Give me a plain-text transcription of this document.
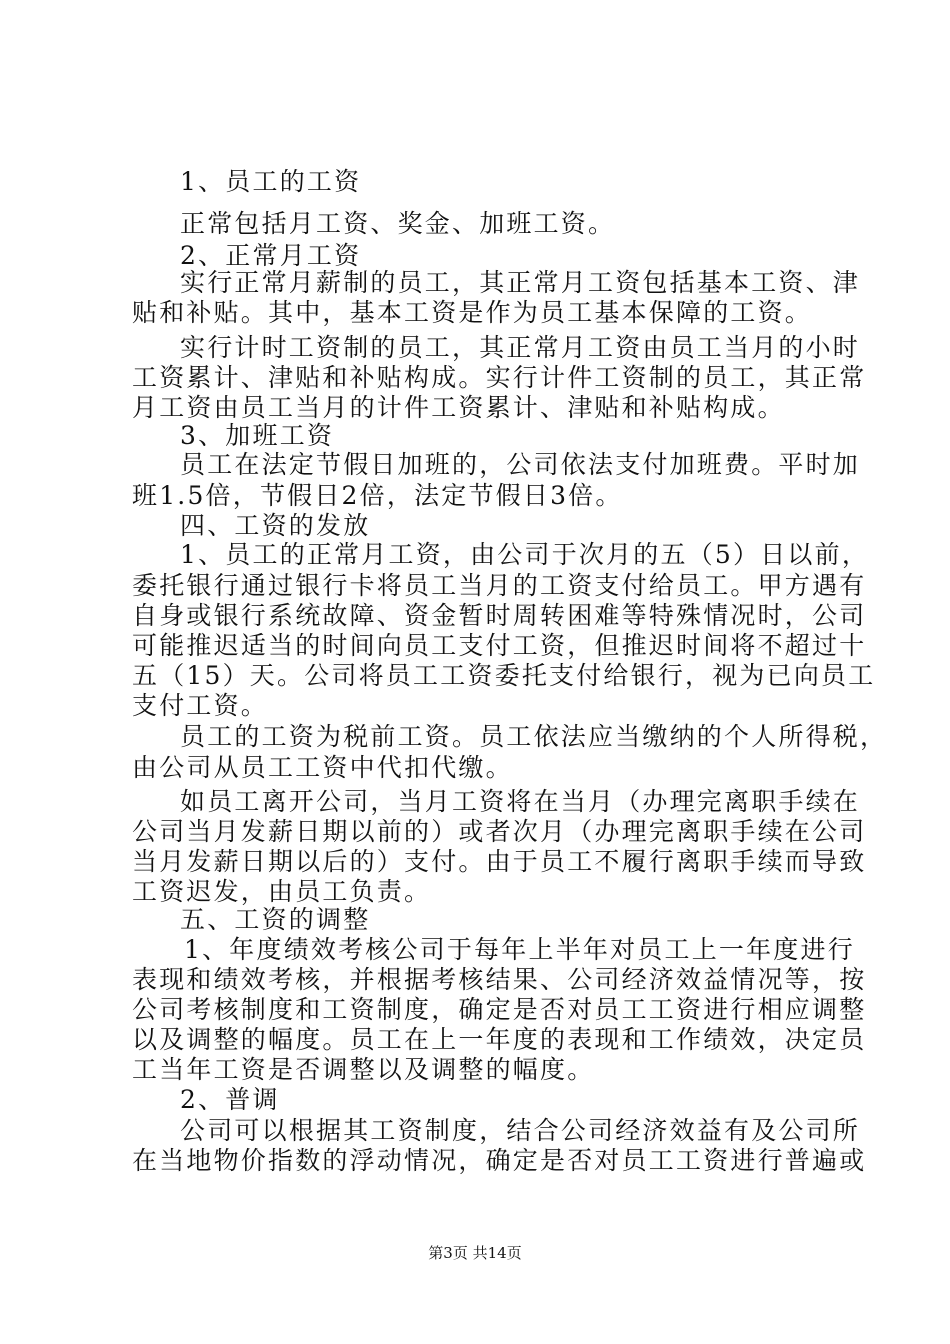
1、员工的工资
正常包括月工资、奖金、加班工资。
2、正常月工资
实行正常月薪制的员工，其正常月工资包括基本工资、津
贴和补贴。其中，基本工资是作为员工基本保障的工资。
实行计时工资制的员工，其正常月工资由员工当月的小时
工资累计、津贴和补贴构成。实行计件工资制的员工，其正常
月工资由员工当月的计件工资累计、津贴和补贴构成。
3、加班工资
员工在法定节假日加班的，公司依法支付加班费。平时加
班1.5倍，节假日2倍，法定节假日3倍。
四、工资的发放
1、员工的正常月工资，由公司于次月的五（5）日以前，
委托银行通过银行卡将员工当月的工资支付给员工。甲方遇有
自身或银行系统故障、资金暂时周转困难等特殊情况时，公司
可能推迟适当的时间向员工支付工资，但推迟时间将不超过十
五（15）天。公司将员工工资委托支付给银行，视为已向员工
支付工资。
员工的工资为税前工资。员工依法应当缴纳的个人所得税，
由公司从员工工资中代扣代缴。
如员工离开公司，当月工资将在当月（办理完离职手续在
公司当月发薪日期以前的）或者次月（办理完离职手续在公司
当月发薪日期以后的）支付。由于员工不履行离职手续而导致
工资迟发，由员工负责。
五、工资的调整
1、年度绩效考核公司于每年上半年对员工上一年度进行
表现和绩效考核，并根据考核结果、公司经济效益情况等，按
公司考核制度和工资制度，确定是否对员工工资进行相应调整
以及调整的幅度。员工在上一年度的表现和工作绩效，决定员
工当年工资是否调整以及调整的幅度。
2、普调
公司可以根据其工资制度，结合公司经济效益有及公司所
在当地物价指数的浮动情况，确定是否对员工工资进行普遍或
第3页 共14页
